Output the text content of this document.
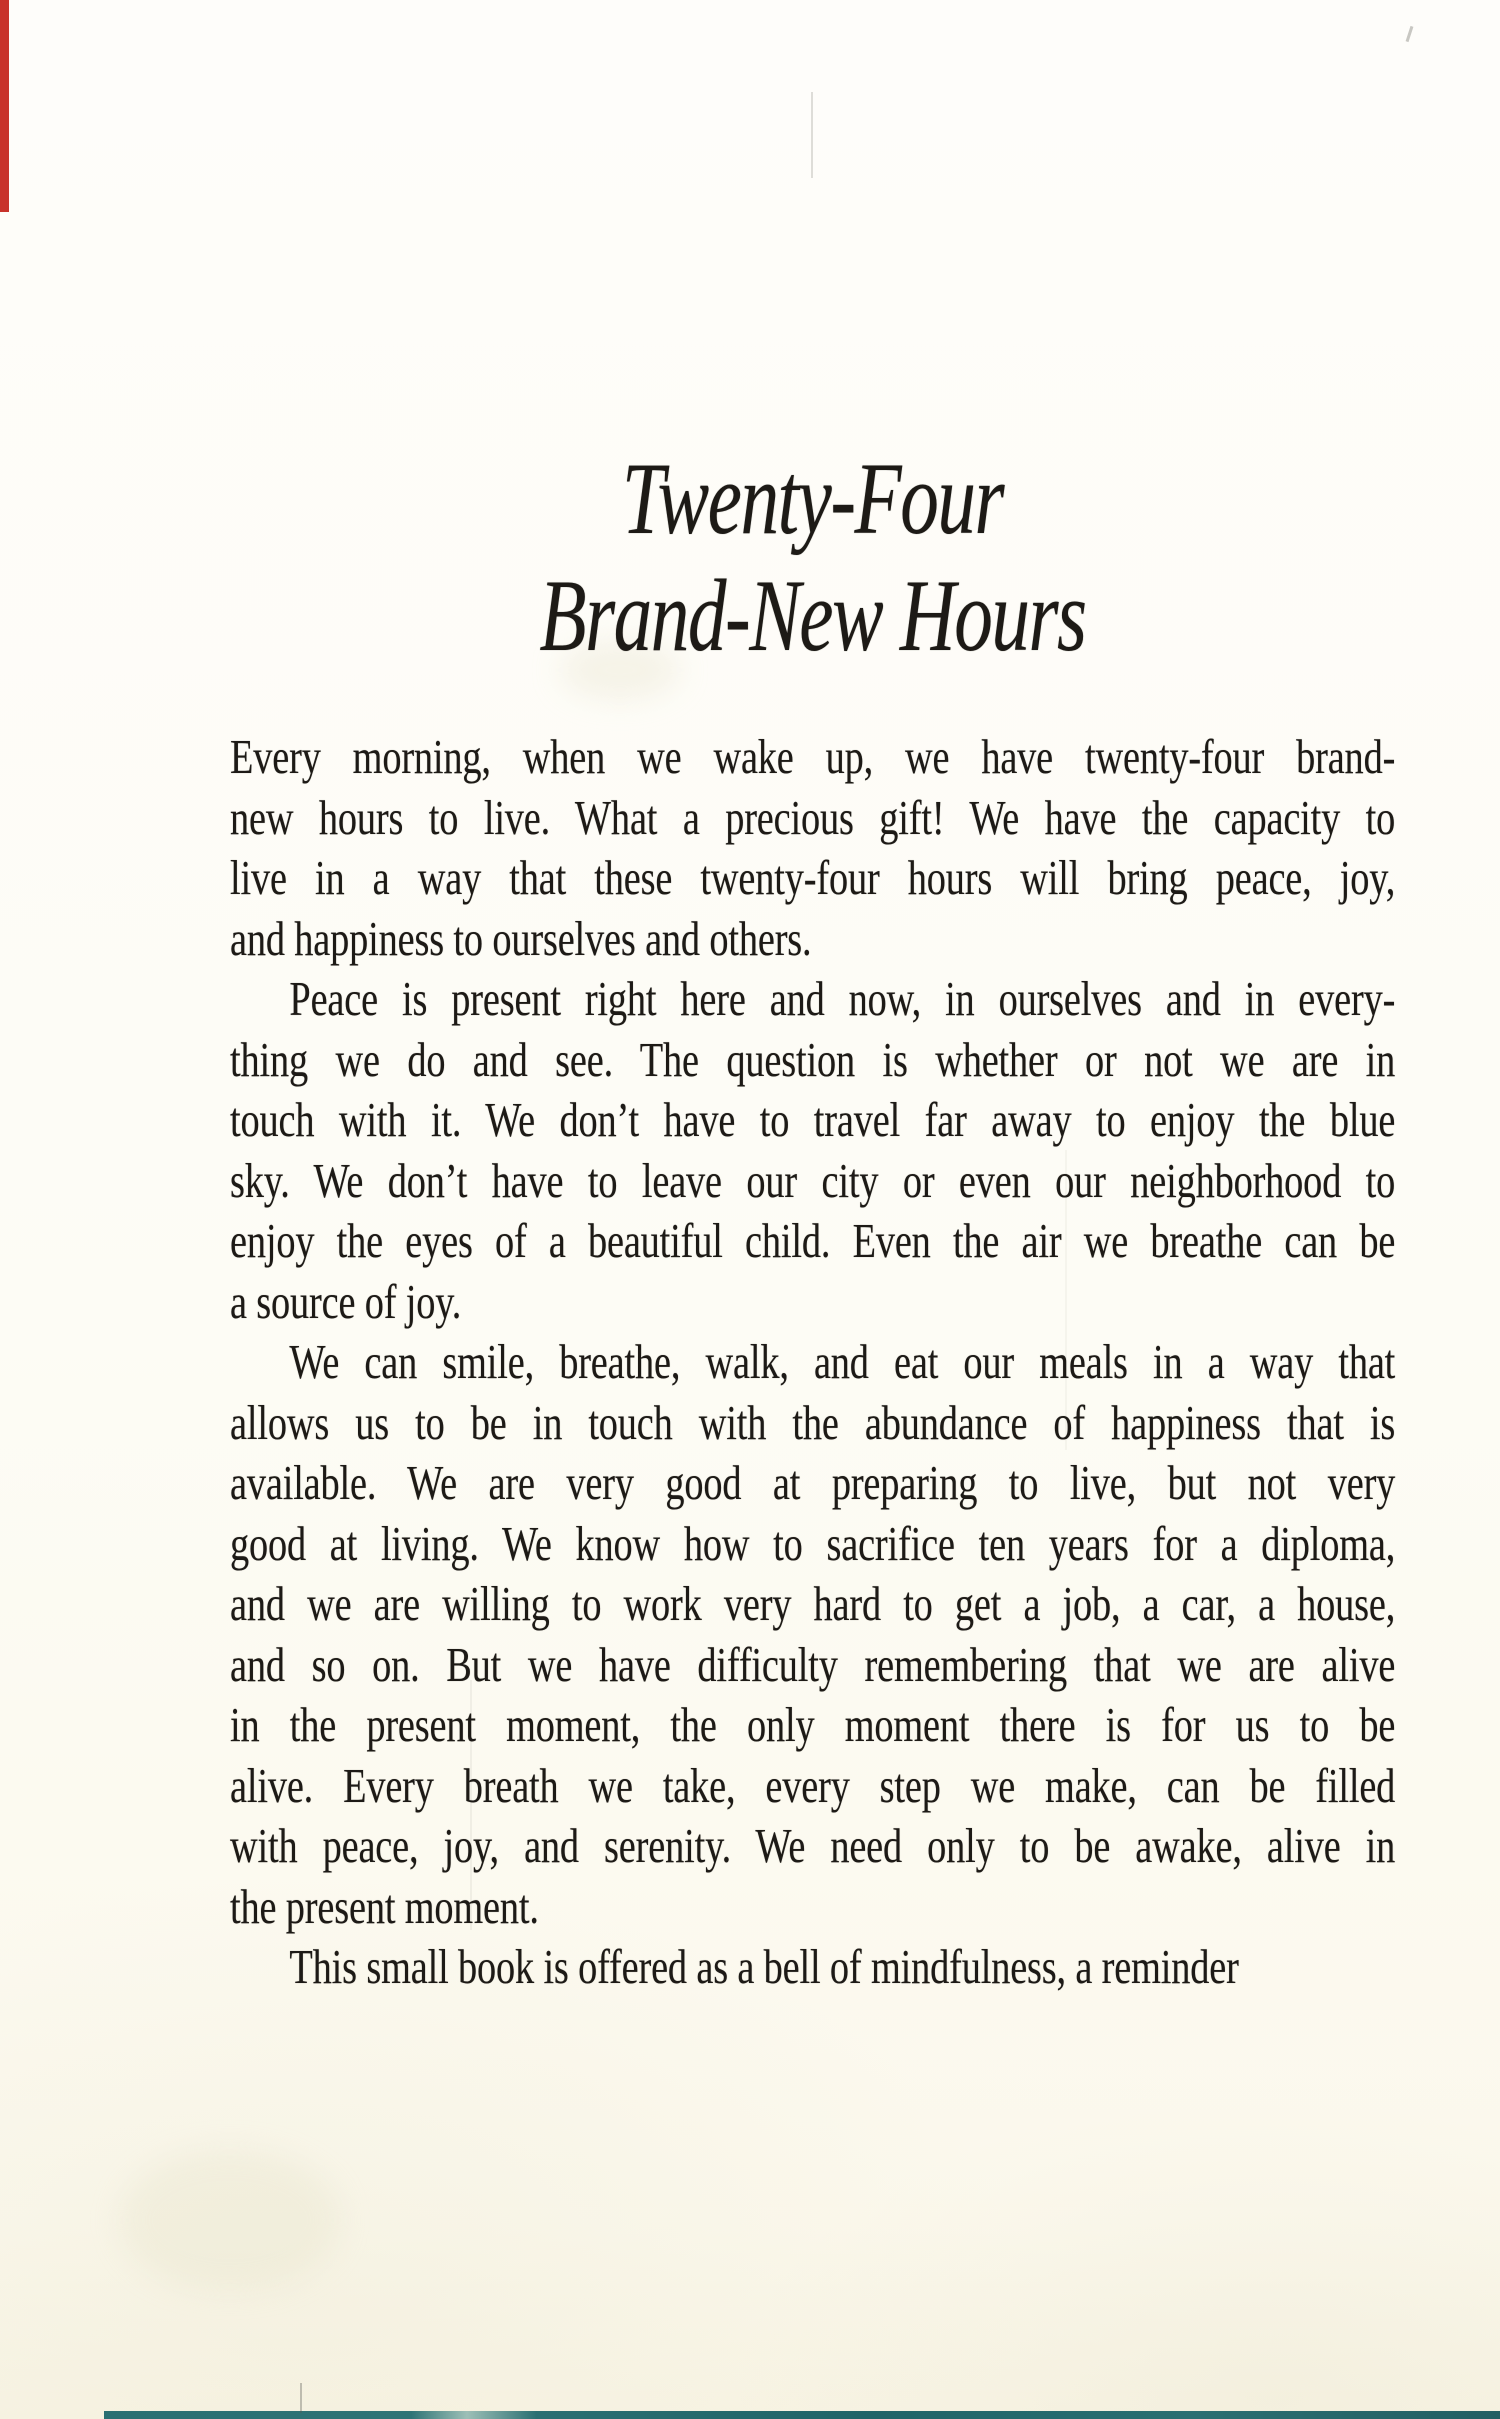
Twenty-Four
Brand-New Hours
Every morning, when we wake up, we have twenty-four brand-
new hours to live. What a precious gift! We have the capacity to
live in a way that these twenty-four hours will bring peace, joy,
and happiness to ourselves and others.
Peace is present right here and now, in ourselves and in every-
thing we do and see. The question is whether or not we are in
touch with it. We don’t have to travel far away to enjoy the blue
sky. We don’t have to leave our city or even our neighborhood to
enjoy the eyes of a beautiful child. Even the air we breathe can be
a source of joy.
We can smile, breathe, walk, and eat our meals in a way that
allows us to be in touch with the abundance of happiness that is
available. We are very good at preparing to live, but not very
good at living. We know how to sacrifice ten years for a diploma,
and we are willing to work very hard to get a job, a car, a house,
and so on. But we have difficulty remembering that we are alive
in the present moment, the only moment there is for us to be
alive. Every breath we take, every step we make, can be filled
with peace, joy, and serenity. We need only to be awake, alive in
the present moment.
This small book is offered as a bell of mindfulness, a reminder
